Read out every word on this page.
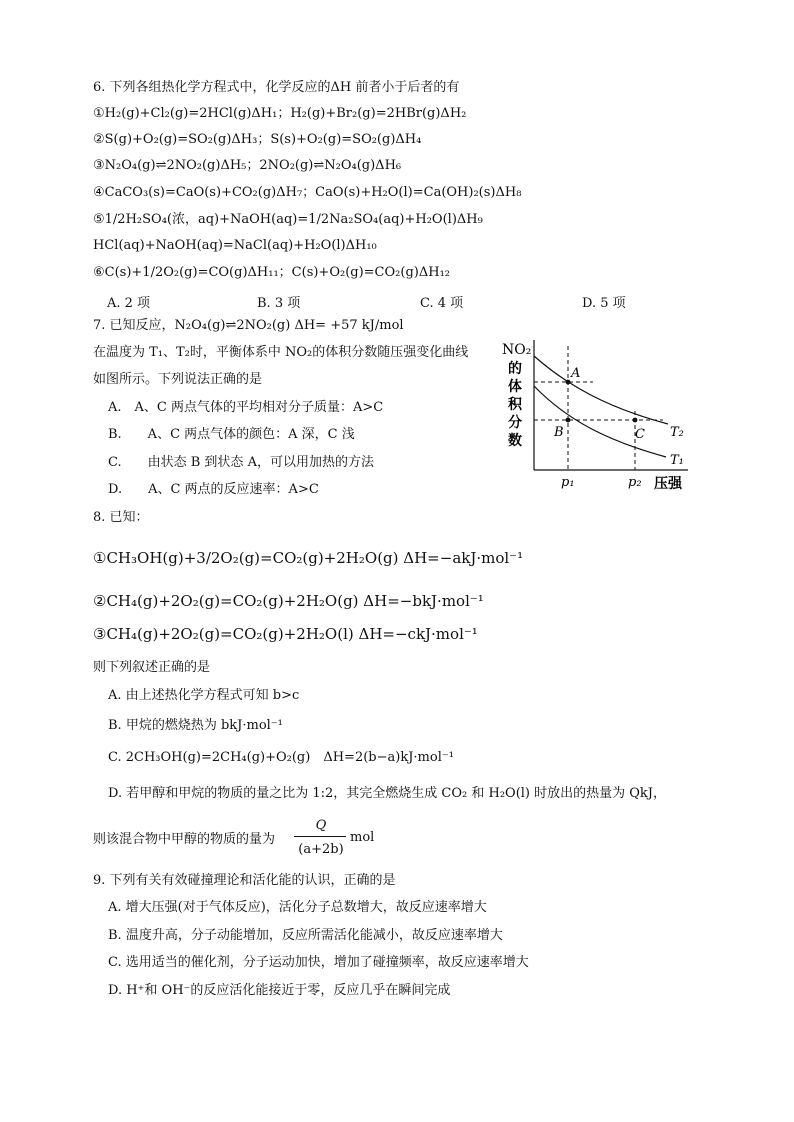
6. 下列各组热化学方程式中，化学反应的ΔH 前者小于后者的有
①H₂(g)+Cl₂(g)=2HCl(g)ΔH₁；H₂(g)+Br₂(g)=2HBr(g)ΔH₂
②S(g)+O₂(g)=SO₂(g)ΔH₃；S(s)+O₂(g)=SO₂(g)ΔH₄
③N₂O₄(g)⇌2NO₂(g)ΔH₅；2NO₂(g)⇌N₂O₄(g)ΔH₆
④CaCO₃(s)=CaO(s)+CO₂(g)ΔH₇；CaO(s)+H₂O(l)=Ca(OH)₂(s)ΔH₈
⑤1/2H₂SO₄(浓，aq)+NaOH(aq)=1/2Na₂SO₄(aq)+H₂O(l)ΔH₉
HCl(aq)+NaOH(aq)=NaCl(aq)+H₂O(l)ΔH₁₀
⑥C(s)+1/2O₂(g)=CO(g)ΔH₁₁；C(s)+O₂(g)=CO₂(g)ΔH₁₂
A. 2 项	B. 3 项	C. 4 项	D. 5 项
7. 已知反应，N₂O₄(g)⇌2NO₂(g) ΔH= +57 kJ/mol
在温度为 T₁、T₂时，平衡体系中 NO₂的体积分数随压强变化曲线
如图所示。下列说法正确的是
A.　A、C 两点气体的平均相对分子质量：A>C
B.　　A、C 两点气体的颜色：A 深，C 浅
C.　　由状态 B 到状态 A，可以用加热的方法
D.　　A、C 两点的反应速率：A>C
NO₂
的
体
积
分
数
A
B	C T₂
T₁
p₁	p₂ 压强
8. 已知：
①CH₃OH(g)+3/2O₂(g)=CO₂(g)+2H₂O(g) ΔH=−akJ·mol⁻¹
②CH₄(g)+2O₂(g)=CO₂(g)+2H₂O(g) ΔH=−bkJ·mol⁻¹
③CH₄(g)+2O₂(g)=CO₂(g)+2H₂O(l) ΔH=−ckJ·mol⁻¹
则下列叙述正确的是
A. 由上述热化学方程式可知 b>c
B. 甲烷的燃烧热为 bkJ·mol⁻¹
C. 2CH₃OH(g)=2CH₄(g)+O₂(g)　ΔH=2(b−a)kJ·mol⁻¹
D. 若甲醇和甲烷的物质的量之比为 1:2，其完全燃烧生成 CO₂ 和 H₂O(l) 时放出的热量为 QkJ，
则该混合物中甲醇的物质的量为
Q
(a+2b)
mol
9. 下列有关有效碰撞理论和活化能的认识，正确的是
A. 增大压强(对于气体反应)，活化分子总数增大，故反应速率增大
B. 温度升高，分子动能增加，反应所需活化能减小，故反应速率增大
C. 选用适当的催化剂，分子运动加快，增加了碰撞频率，故反应速率增大
D. H⁺和 OH⁻的反应活化能接近于零，反应几乎在瞬间完成
